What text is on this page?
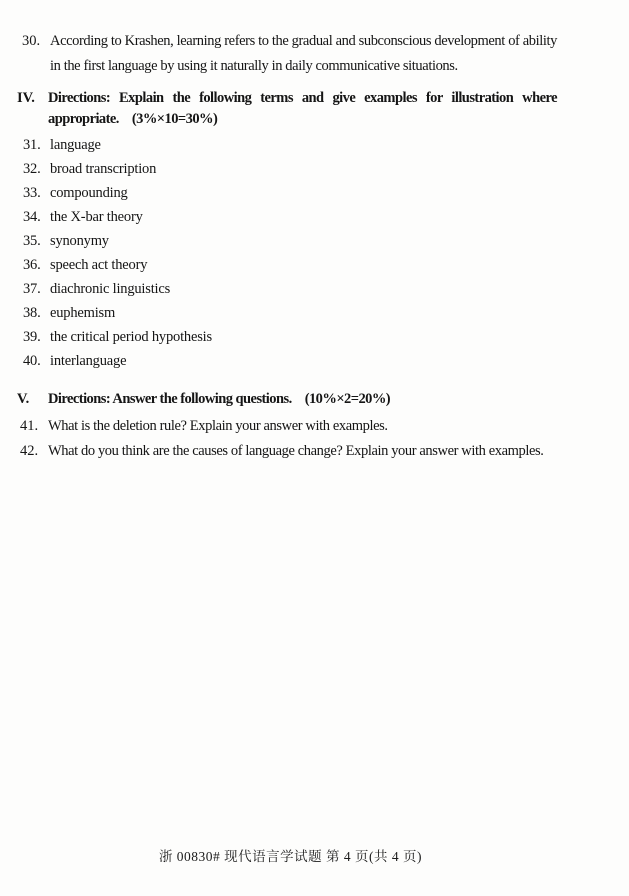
30. According to Krashen, learning refers to the gradual and subconscious development of ability in the first language by using it naturally in daily communicative situations.
IV. Directions: Explain the following terms and give examples for illustration where appropriate. (3%×10=30%)
31. language
32. broad transcription
33. compounding
34. the X-bar theory
35. synonymy
36. speech act theory
37. diachronic linguistics
38. euphemism
39. the critical period hypothesis
40. interlanguage
V.	Directions: Answer the following questions. (10%×2=20%)
41. What is the deletion rule? Explain your answer with examples.
42. What do you think are the causes of language change? Explain your answer with examples.
浙 00830# 现代语言学试题 第 4 页(共 4 页)
